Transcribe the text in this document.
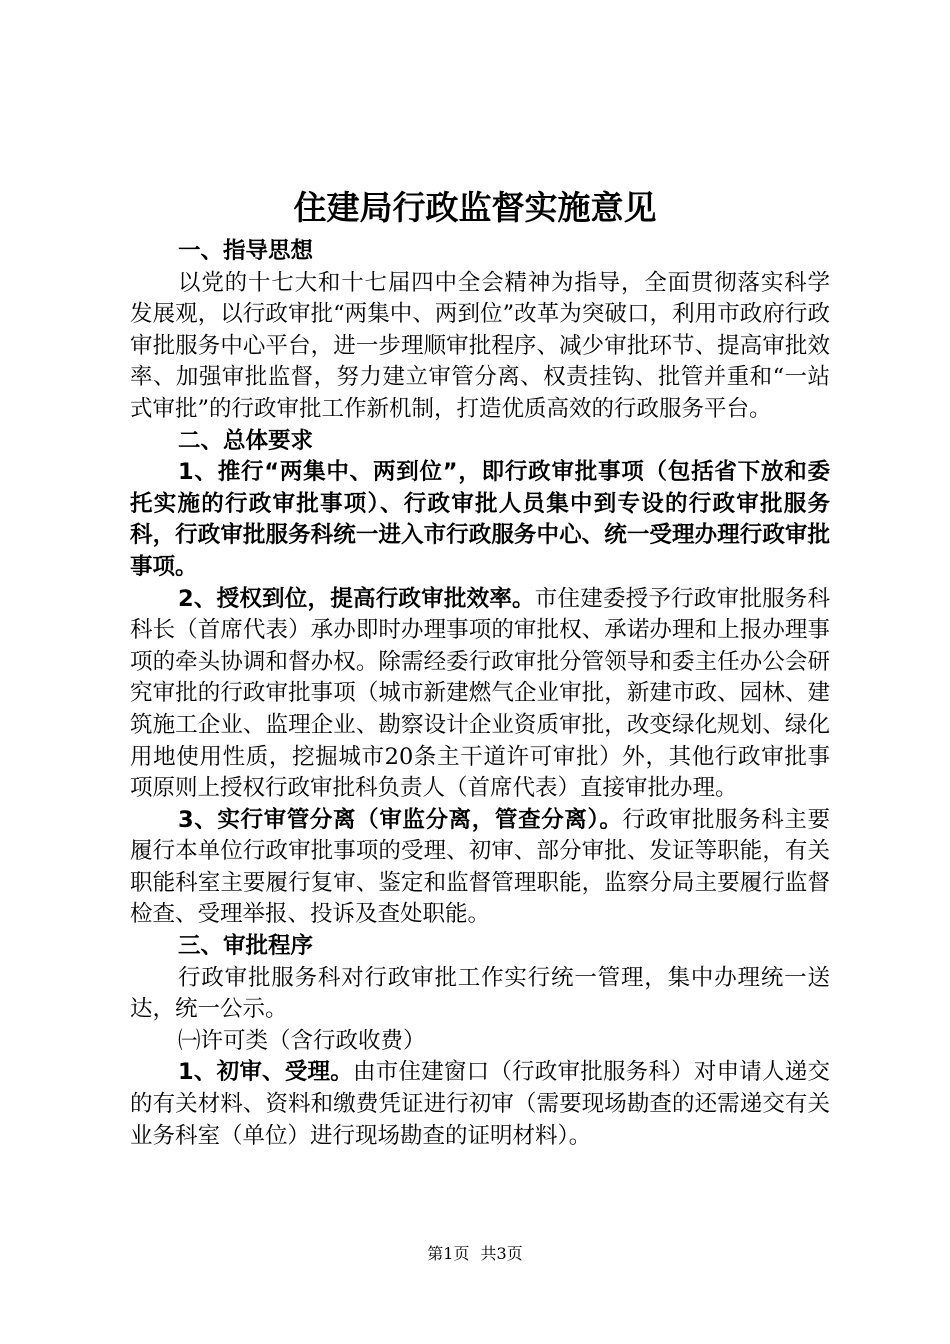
住建局行政监督实施意见

一、指导思想

以党的十七大和十七届四中全会精神为指导，全面贯彻落实科学发展观，以行政审批“两集中、两到位”改革为突破口，利用市政府行政审批服务中心平台，进一步理顺审批程序、减少审批环节、提高审批效率、加强审批监督，努力建立审管分离、权责挂钩、批管并重和“一站式审批”的行政审批工作新机制，打造优质高效的行政服务平台。

二、总体要求

1、推行“两集中、两到位”，即行政审批事项（包括省下放和委托实施的行政审批事项）、行政审批人员集中到专设的行政审批服务科，行政审批服务科统一进入市行政服务中心、统一受理办理行政审批事项。

2、授权到位，提高行政审批效率。市住建委授予行政审批服务科科长（首席代表）承办即时办理事项的审批权、承诺办理和上报办理事项的牵头协调和督办权。除需经委行政审批分管领导和委主任办公会研究审批的行政审批事项（城市新建燃气企业审批，新建市政、园林、建筑施工企业、监理企业、勘察设计企业资质审批，改变绿化规划、绿化用地使用性质，挖掘城市20条主干道许可审批）外，其他行政审批事项原则上授权行政审批科负责人（首席代表）直接审批办理。

3、实行审管分离（审监分离，管查分离）。行政审批服务科主要履行本单位行政审批事项的受理、初审、部分审批、发证等职能，有关职能科室主要履行复审、鉴定和监督管理职能，监察分局主要履行监督检查、受理举报、投诉及查处职能。

三、审批程序

行政审批服务科对行政审批工作实行统一管理，集中办理统一送达，统一公示。

㈠许可类（含行政收费）

1、初审、受理。由市住建窗口（行政审批服务科）对申请人递交的有关材料、资料和缴费凭证进行初审（需要现场勘查的还需递交有关业务科室（单位）进行现场勘查的证明材料）。

第1页 共3页
